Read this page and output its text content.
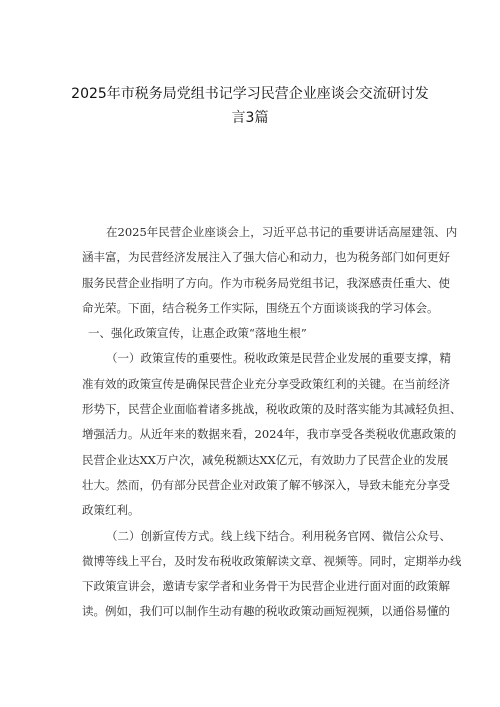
2025年市税务局党组书记学习民营企业座谈会交流研讨发
言3篇
在2025年民营企业座谈会上，习近平总书记的重要讲话高屋建瓴、内
涵丰富，为民营经济发展注入了强大信心和动力，也为税务部门如何更好
服务民营企业指明了方向。作为市税务局党组书记，我深感责任重大、使
命光荣。下面，结合税务工作实际，围绕五个方面谈谈我的学习体会。
一、强化政策宣传，让惠企政策“落地生根”
（一）政策宣传的重要性。税收政策是民营企业发展的重要支撑，精
准有效的政策宣传是确保民营企业充分享受政策红利的关键。在当前经济
形势下，民营企业面临着诸多挑战，税收政策的及时落实能为其减轻负担、
增强活力。从近年来的数据来看，2024年，我市享受各类税收优惠政策的
民营企业达XX万户次，减免税额达XX亿元，有效助力了民营企业的发展
壮大。然而，仍有部分民营企业对政策了解不够深入，导致未能充分享受
政策红利。
（二）创新宣传方式。线上线下结合。利用税务官网、微信公众号、
微博等线上平台，及时发布税收政策解读文章、视频等。同时，定期举办线
下政策宣讲会，邀请专家学者和业务骨干为民营企业进行面对面的政策解
读。例如，我们可以制作生动有趣的税收政策动画短视频，以通俗易懂的
